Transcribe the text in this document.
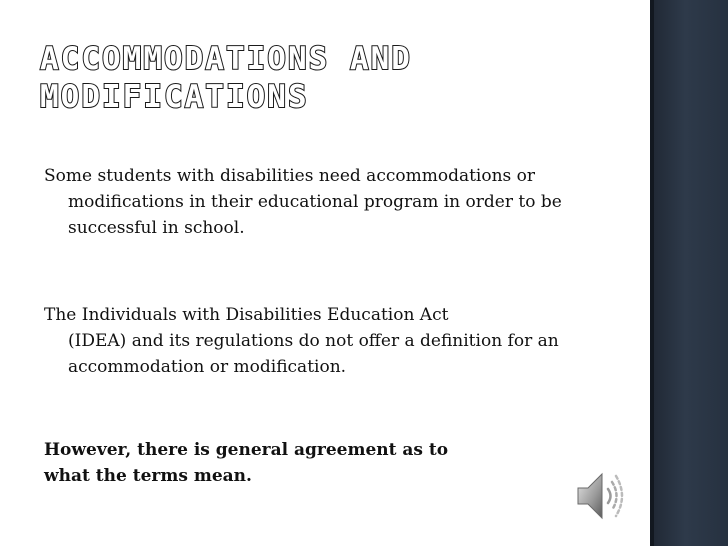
ACCOMMODATIONS AND
MODIFICATIONS

Some students with disabilities need accommodations or
modifications in their educational program in order to be successful in school.

The Individuals with Disabilities Education Act
(IDEA) and its regulations do not offer a definition for an accommodation or modification.

However, there is general agreement as to
what the terms mean.
